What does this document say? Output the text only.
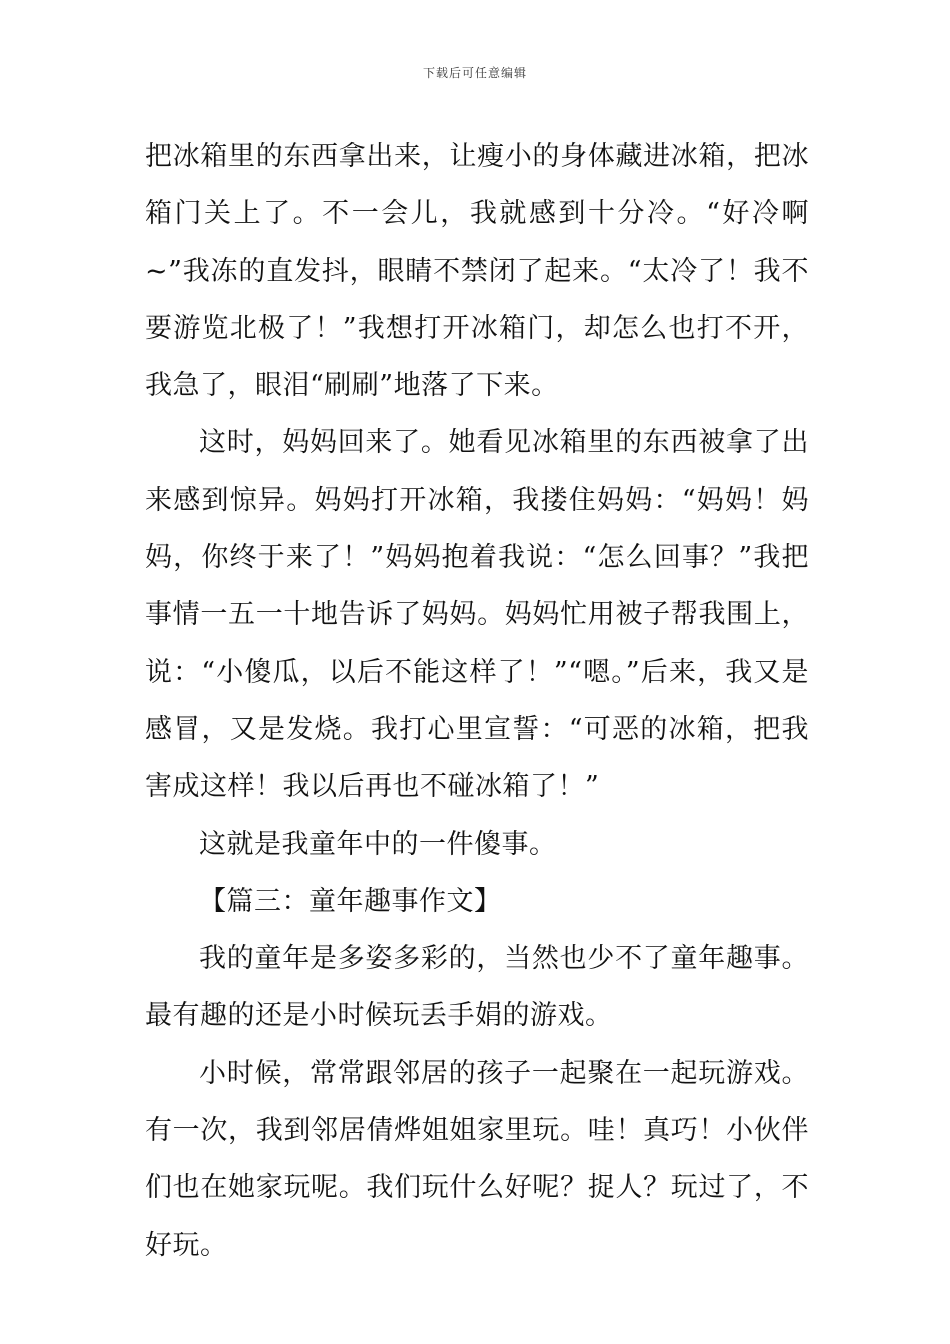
下载后可任意编辑

把冰箱里的东西拿出来，让瘦小的身体藏进冰箱，把冰箱门关上了。不一会儿，我就感到十分冷。“好冷啊~”我冻的直发抖，眼睛不禁闭了起来。“太冷了！我不要游览北极了！”我想打开冰箱门，却怎么也打不开，我急了，眼泪“刷刷”地落了下来。

这时，妈妈回来了。她看见冰箱里的东西被拿了出来感到惊异。妈妈打开冰箱，我搂住妈妈：“妈妈！妈妈，你终于来了！”妈妈抱着我说：“怎么回事？”我把事情一五一十地告诉了妈妈。妈妈忙用被子帮我围上，说：“小傻瓜，以后不能这样了！”“嗯。”后来，我又是感冒，又是发烧。我打心里宣誓：“可恶的冰箱，把我害成这样！我以后再也不碰冰箱了！”

这就是我童年中的一件傻事。

【篇三：童年趣事作文】

我的童年是多姿多彩的，当然也少不了童年趣事。最有趣的还是小时候玩丢手娟的游戏。

小时候，常常跟邻居的孩子一起聚在一起玩游戏。有一次，我到邻居倩烨姐姐家里玩。哇！真巧！小伙伴们也在她家玩呢。我们玩什么好呢？捉人？玩过了，不好玩。
